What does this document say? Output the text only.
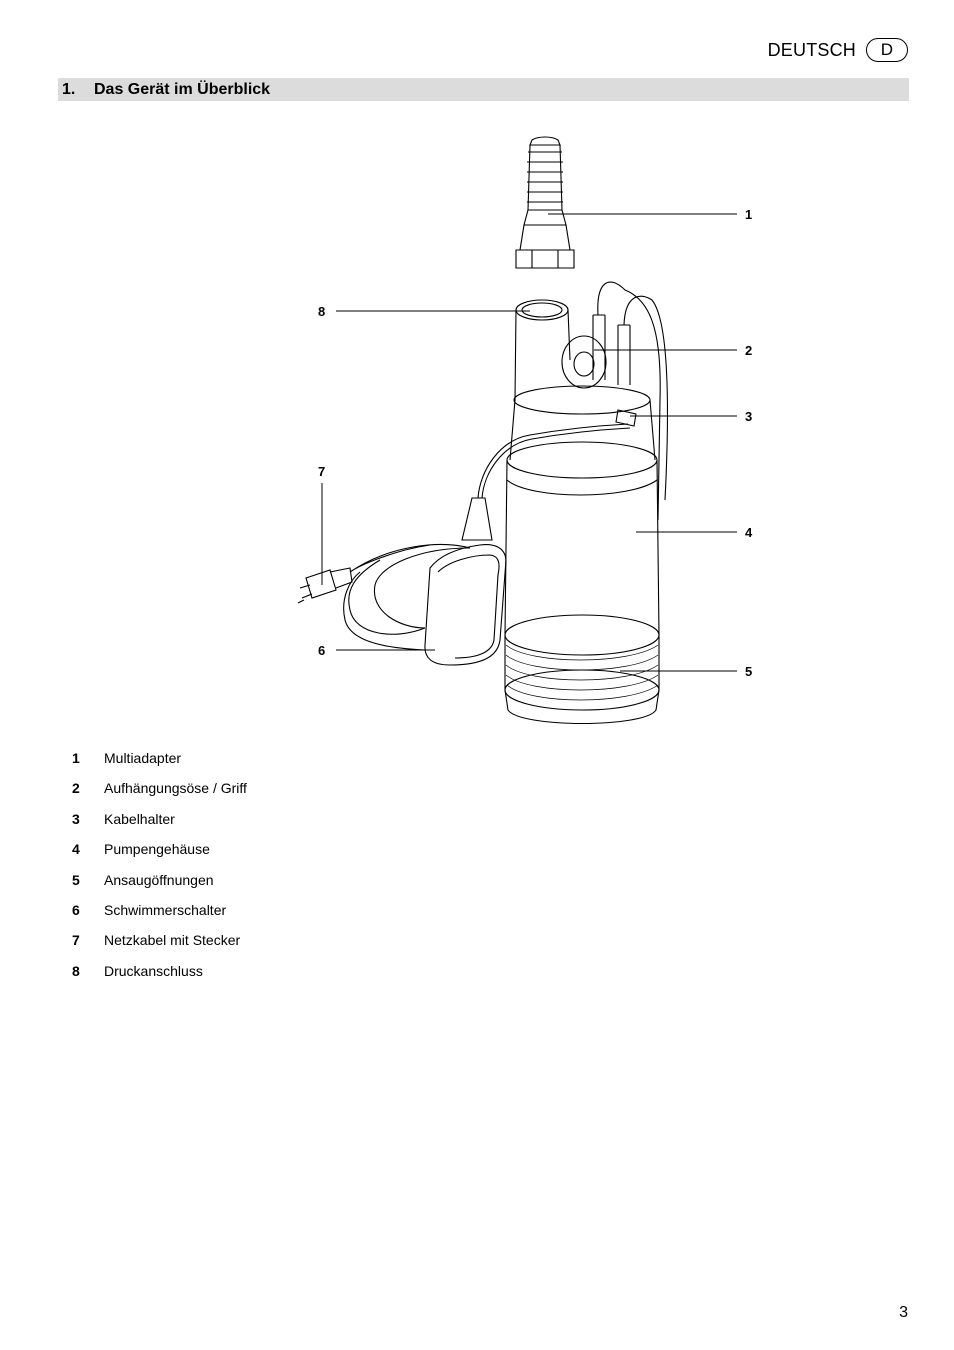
DEUTSCH	D
1. Das Gerät im Überblick
1
2
3
4
5
6
7
8
1	Multiadapter
2	Aufhängungsöse / Griff
3	Kabelhalter
4	Pumpengehäuse
5	Ansaugöffnungen
6	Schwimmerschalter
7	Netzkabel mit Stecker
8	Druckanschluss
3
